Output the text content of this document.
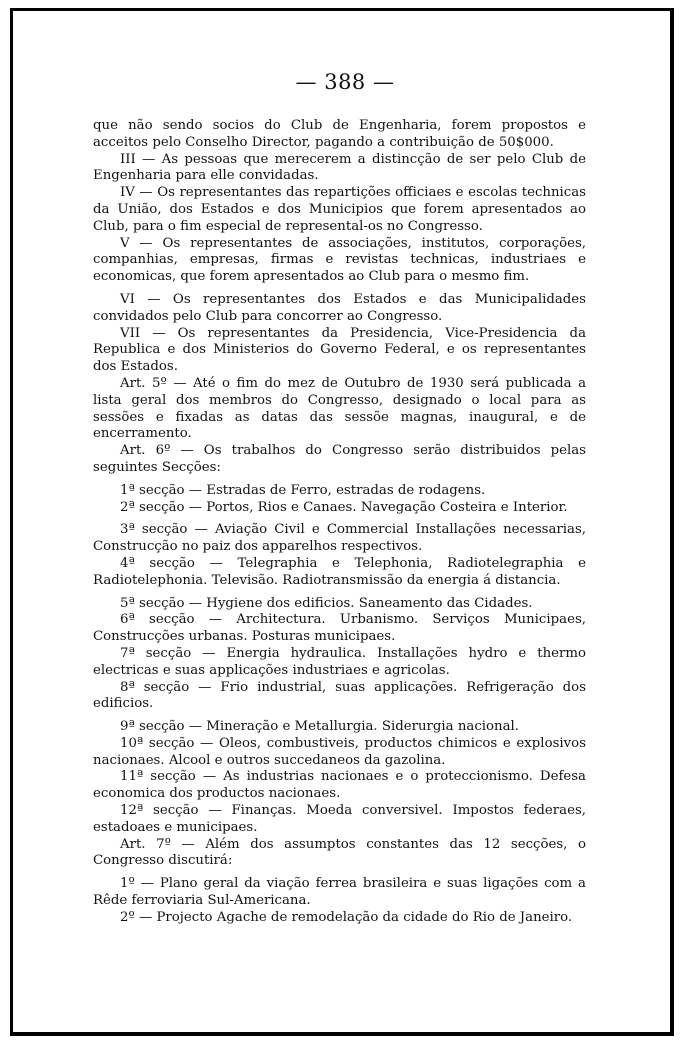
— 388 —

que não sendo socios do Club de Engenharia, forem propostos e acceitos pelo Conselho Director, pagando a contribuição de 50$000.

III — As pessoas que merecerem a distincção de ser pelo Club de Engenharia para elle convidadas.

IV — Os representantes das repartições officiaes e escolas technicas da União, dos Estados e dos Municipios que forem apresentados ao Club, para o fim especial de represental-os no Congresso.

V — Os representantes de associações, institutos, corporações, companhias, empresas, firmas e revistas technicas, industriaes e economicas, que forem apresentados ao Club para o mesmo fim.

VI — Os representantes dos Estados e das Municipalidades convidados pelo Club para concorrer ao Congresso.

VII — Os representantes da Presidencia, Vice-Presidencia da Republica e dos Ministerios do Governo Federal, e os representantes dos Estados.

Art. 5º — Até o fim do mez de Outubro de 1930 será publicada a lista geral dos membros do Congresso, designado o local para as sessões e fixadas as datas das sessõe magnas, inaugural, e de encerramento.

Art. 6º — Os trabalhos do Congresso serão distribuidos pelas seguintes Secções:

1ª secção — Estradas de Ferro, estradas de rodagens.

2ª secção — Portos, Rios e Canaes. Navegação Costeira e Interior.

3ª secção — Aviação Civil e Commercial Installações necessarias, Construcção no paiz dos apparelhos respectivos.

4ª secção — Telegraphia e Telephonia, Radiotelegraphia e Radiotelephonia. Televisão. Radiotransmissão da energia á distancia.

5ª secção — Hygiene dos edificios. Saneamento das Cidades.

6ª secção — Architectura. Urbanismo. Serviços Municipaes, Construcções urbanas. Posturas municipaes.

7ª secção — Energia hydraulica. Installações hydro e thermo electricas e suas applicações industriaes e agricolas.

8ª secção — Frio industrial, suas applicações. Refrigeração dos edificios.

9ª secção — Mineração e Metallurgia. Siderurgia nacional.

10ª secção — Oleos, combustiveis, productos chimicos e explosivos nacionaes. Alcool e outros succedaneos da gazolina.

11ª secção — As industrias nacionaes e o proteccionismo. Defesa economica dos productos nacionaes.

12ª secção — Finanças. Moeda conversivel. Impostos federaes, estadoaes e municipaes.

Art. 7º — Além dos assumptos constantes das 12 secções, o Congresso discutirá:

1º — Plano geral da viação ferrea brasileira e suas ligações com a Rêde ferroviaria Sul-Americana.

2º — Projecto Agache de remodelação da cidade do Rio de Janeiro.
